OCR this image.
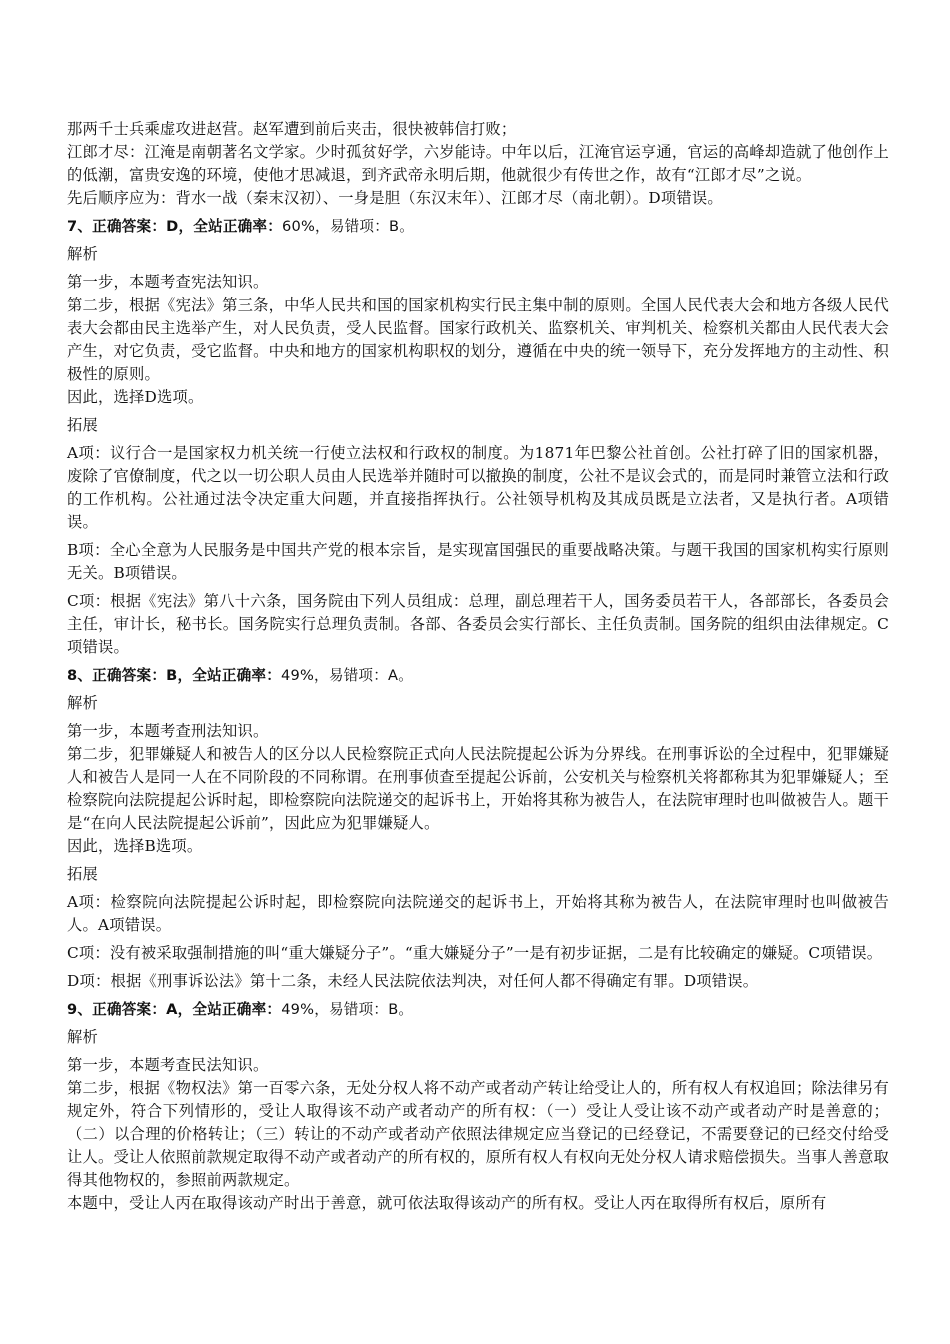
那两千士兵乘虚攻进赵营。赵军遭到前后夹击，很快被韩信打败；

江郎才尽：江淹是南朝著名文学家。少时孤贫好学，六岁能诗。中年以后，江淹官运亨通，官运的高峰却造就了他创作上的低潮，富贵安逸的环境，使他才思减退，到齐武帝永明后期，他就很少有传世之作，故有“江郎才尽”之说。

先后顺序应为：背水一战（秦末汉初）、一身是胆（东汉末年）、江郎才尽（南北朝）。D项错误。

7、正确答案：D，全站正确率：60%，易错项：B。

解析

第一步，本题考查宪法知识。

第二步，根据《宪法》第三条，中华人民共和国的国家机构实行民主集中制的原则。全国人民代表大会和地方各级人民代表大会都由民主选举产生，对人民负责，受人民监督。国家行政机关、监察机关、审判机关、检察机关都由人民代表大会产生，对它负责，受它监督。中央和地方的国家机构职权的划分，遵循在中央的统一领导下，充分发挥地方的主动性、积极性的原则。

因此，选择D选项。

拓展

A项：议行合一是国家权力机关统一行使立法权和行政权的制度。为1871年巴黎公社首创。公社打碎了旧的国家机器，废除了官僚制度，代之以一切公职人员由人民选举并随时可以撤换的制度，公社不是议会式的，而是同时兼管立法和行政的工作机构。公社通过法令决定重大问题，并直接指挥执行。公社领导机构及其成员既是立法者，又是执行者。A项错误。

B项：全心全意为人民服务是中国共产党的根本宗旨，是实现富国强民的重要战略决策。与题干我国的国家机构实行原则无关。B项错误。

C项：根据《宪法》第八十六条，国务院由下列人员组成：总理，副总理若干人，国务委员若干人，各部部长，各委员会主任，审计长，秘书长。国务院实行总理负责制。各部、各委员会实行部长、主任负责制。国务院的组织由法律规定。C项错误。

8、正确答案：B，全站正确率：49%，易错项：A。

解析

第一步，本题考查刑法知识。

第二步，犯罪嫌疑人和被告人的区分以人民检察院正式向人民法院提起公诉为分界线。在刑事诉讼的全过程中，犯罪嫌疑人和被告人是同一人在不同阶段的不同称谓。在刑事侦查至提起公诉前，公安机关与检察机关将都称其为犯罪嫌疑人；至检察院向法院提起公诉时起，即检察院向法院递交的起诉书上，开始将其称为被告人，在法院审理时也叫做被告人。题干是“在向人民法院提起公诉前”，因此应为犯罪嫌疑人。

因此，选择B选项。

拓展

A项：检察院向法院提起公诉时起，即检察院向法院递交的起诉书上，开始将其称为被告人，在法院审理时也叫做被告人。A项错误。

C项：没有被采取强制措施的叫“重大嫌疑分子”。“重大嫌疑分子”一是有初步证据，二是有比较确定的嫌疑。C项错误。

D项：根据《刑事诉讼法》第十二条，未经人民法院依法判决，对任何人都不得确定有罪。D项错误。

9、正确答案：A，全站正确率：49%，易错项：B。

解析

第一步，本题考查民法知识。

第二步，根据《物权法》第一百零六条，无处分权人将不动产或者动产转让给受让人的，所有权人有权追回；除法律另有规定外，符合下列情形的，受让人取得该不动产或者动产的所有权：（一）受让人受让该不动产或者动产时是善意的；（二）以合理的价格转让；（三）转让的不动产或者动产依照法律规定应当登记的已经登记，不需要登记的已经交付给受让人。受让人依照前款规定取得不动产或者动产的所有权的，原所有权人有权向无处分权人请求赔偿损失。当事人善意取得其他物权的，参照前两款规定。

本题中，受让人丙在取得该动产时出于善意，就可依法取得该动产的所有权。受让人丙在取得所有权后，原所有
